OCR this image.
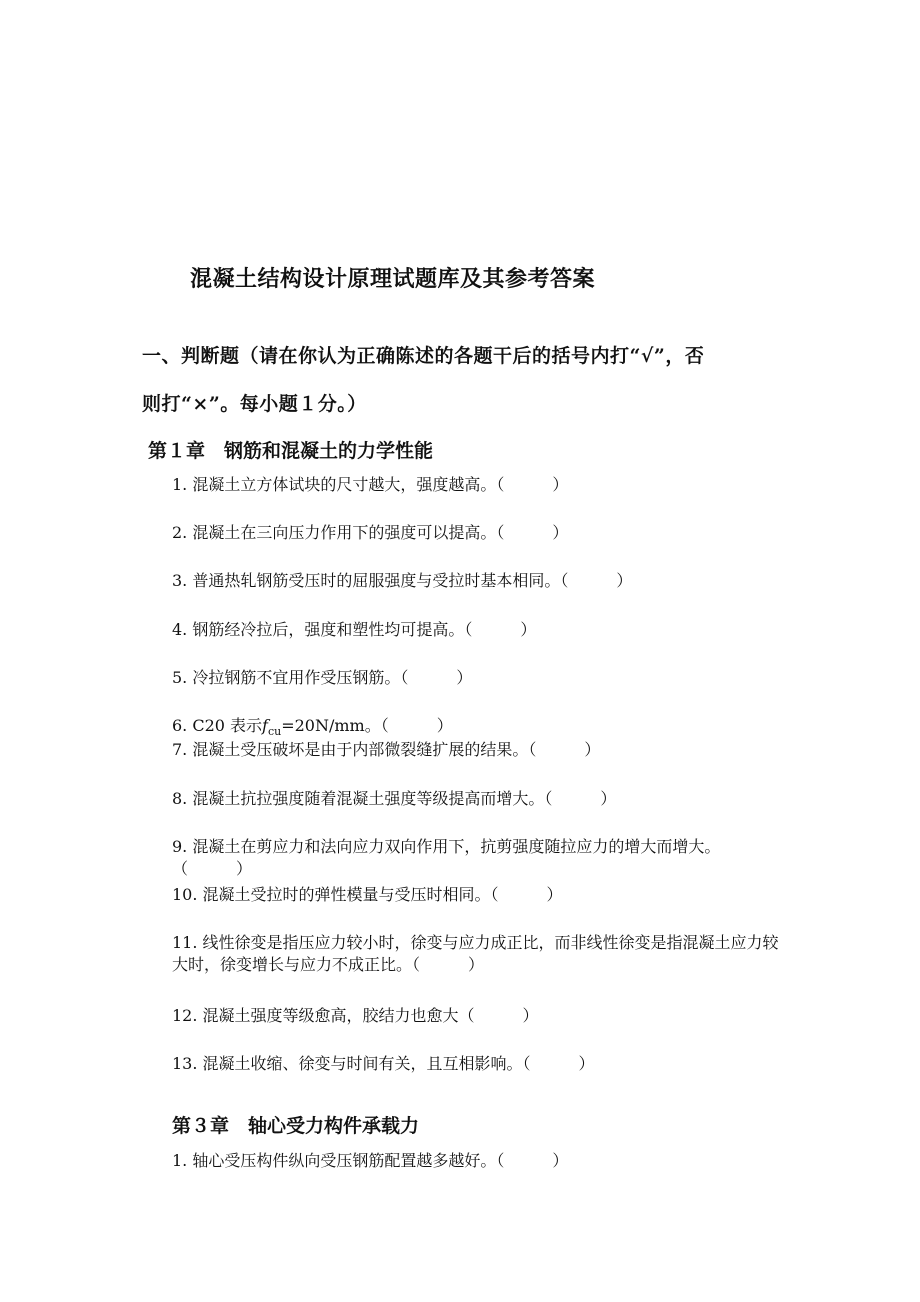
混凝土结构设计原理试题库及其参考答案
一、判断题（请在你认为正确陈述的各题干后的括号内打“√”，否
则打“×”。每小题１分。）
第１章　钢筋和混凝土的力学性能
1. 混凝土立方体试块的尺寸越大，强度越高。（　　　）
2. 混凝土在三向压力作用下的强度可以提高。（　　　）
3. 普通热轧钢筋受压时的屈服强度与受拉时基本相同。（　　　）
4. 钢筋经冷拉后，强度和塑性均可提高。（　　　）
5. 冷拉钢筋不宜用作受压钢筋。（　　　）
6. C20 表示$f_{cu}=20N/mm$。（　　　）
7. 混凝土受压破坏是由于内部微裂缝扩展的结果。（　　　）
8. 混凝土抗拉强度随着混凝土强度等级提高而增大。（　　　）
9. 混凝土在剪应力和法向应力双向作用下，抗剪强度随拉应力的增大而增大。（　　　）
10. 混凝土受拉时的弹性模量与受压时相同。（　　　）
11. 线性徐变是指压应力较小时，徐变与应力成正比，而非线性徐变是指混凝土应力较大时，徐变增长与应力不成正比。（　　　）
12. 混凝土强度等级愈高，胶结力也愈大（　　　）
13. 混凝土收缩、徐变与时间有关，且互相影响。（　　　）
第３章　轴心受力构件承载力
1. 轴心受压构件纵向受压钢筋配置越多越好。（　　　）
